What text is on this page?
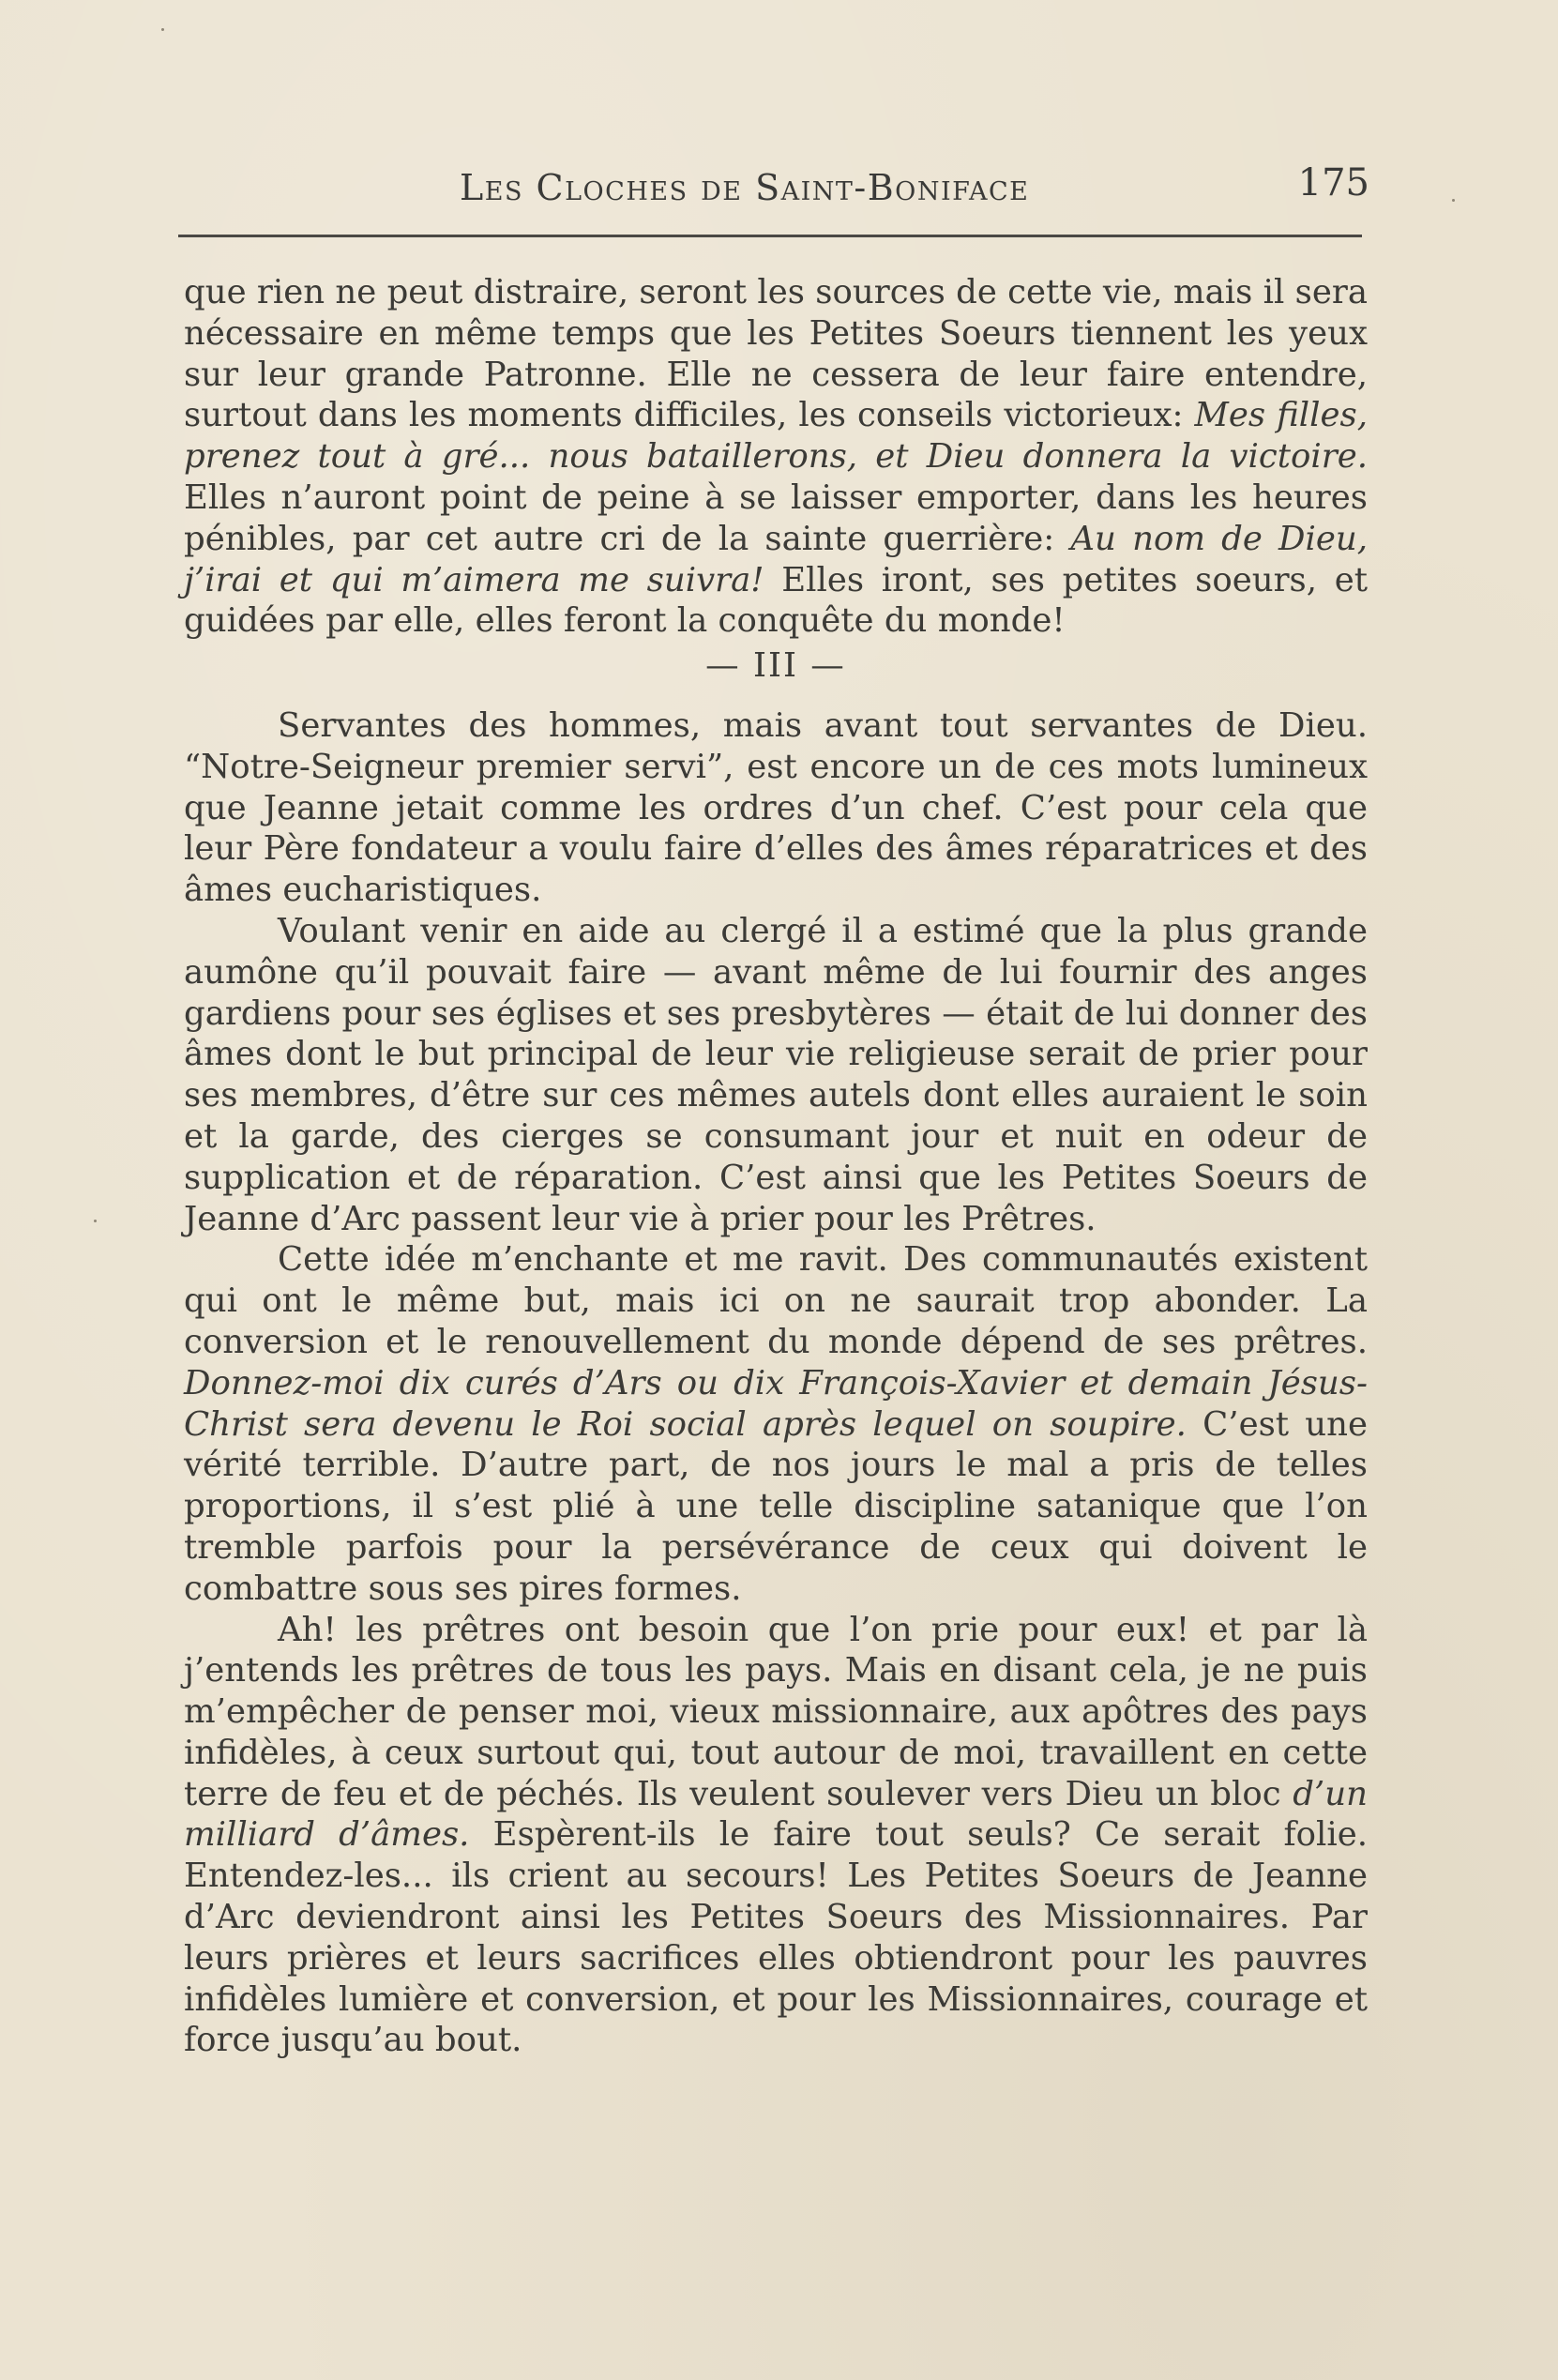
Les Cloches de Saint-Boniface	175

que rien ne peut distraire, seront les sources de cette vie, mais il sera nécessaire en même temps que les Petites Soeurs tiennent les yeux sur leur grande Patronne. Elle ne cessera de leur faire entendre, surtout dans les moments difficiles, les conseils victorieux: Mes filles, prenez tout à gré... nous bataillerons, et Dieu donnera la victoire. Elles n’auront point de peine à se laisser emporter, dans les heures pénibles, par cet autre cri de la sainte guerrière: Au nom de Dieu, j’irai et qui m’aimera me suivra! Elles iront, ses petites soeurs, et guidées par elle, elles feront la conquête du monde!

— III —

Servantes des hommes, mais avant tout servantes de Dieu. “Notre-Seigneur premier servi”, est encore un de ces mots lumineux que Jeanne jetait comme les ordres d’un chef. C’est pour cela que leur Père fondateur a voulu faire d’elles des âmes réparatrices et des âmes eucharistiques.

Voulant venir en aide au clergé il a estimé que la plus grande aumône qu’il pouvait faire — avant même de lui fournir des anges gardiens pour ses églises et ses presbytères — était de lui donner des âmes dont le but principal de leur vie religieuse serait de prier pour ses membres, d’être sur ces mêmes autels dont elles auraient le soin et la garde, des cierges se consumant jour et nuit en odeur de supplication et de réparation. C’est ainsi que les Petites Soeurs de Jeanne d’Arc passent leur vie à prier pour les Prêtres.

Cette idée m’enchante et me ravit. Des communautés existent qui ont le même but, mais ici on ne saurait trop abonder. La conversion et le renouvellement du monde dépend de ses prêtres. Donnez-moi dix curés d’Ars ou dix François-Xavier et demain Jésus-Christ sera devenu le Roi social après lequel on soupire. C’est une vérité terrible. D’autre part, de nos jours le mal a pris de telles proportions, il s’est plié à une telle discipline satanique que l’on tremble parfois pour la persévérance de ceux qui doivent le combattre sous ses pires formes.

Ah! les prêtres ont besoin que l’on prie pour eux! et par là j’entends les prêtres de tous les pays. Mais en disant cela, je ne puis m’empêcher de penser moi, vieux missionnaire, aux apôtres des pays infidèles, à ceux surtout qui, tout autour de moi, travaillent en cette terre de feu et de péchés. Ils veulent soulever vers Dieu un bloc d’un milliard d’âmes. Espèrent-ils le faire tout seuls? Ce serait folie. Entendez-les... ils crient au secours! Les Petites Soeurs de Jeanne d’Arc deviendront ainsi les Petites Soeurs des Missionnaires. Par leurs prières et leurs sacrifices elles obtiendront pour les pauvres infidèles lumière et conversion, et pour les Missionnaires, courage et force jusqu’au bout.
